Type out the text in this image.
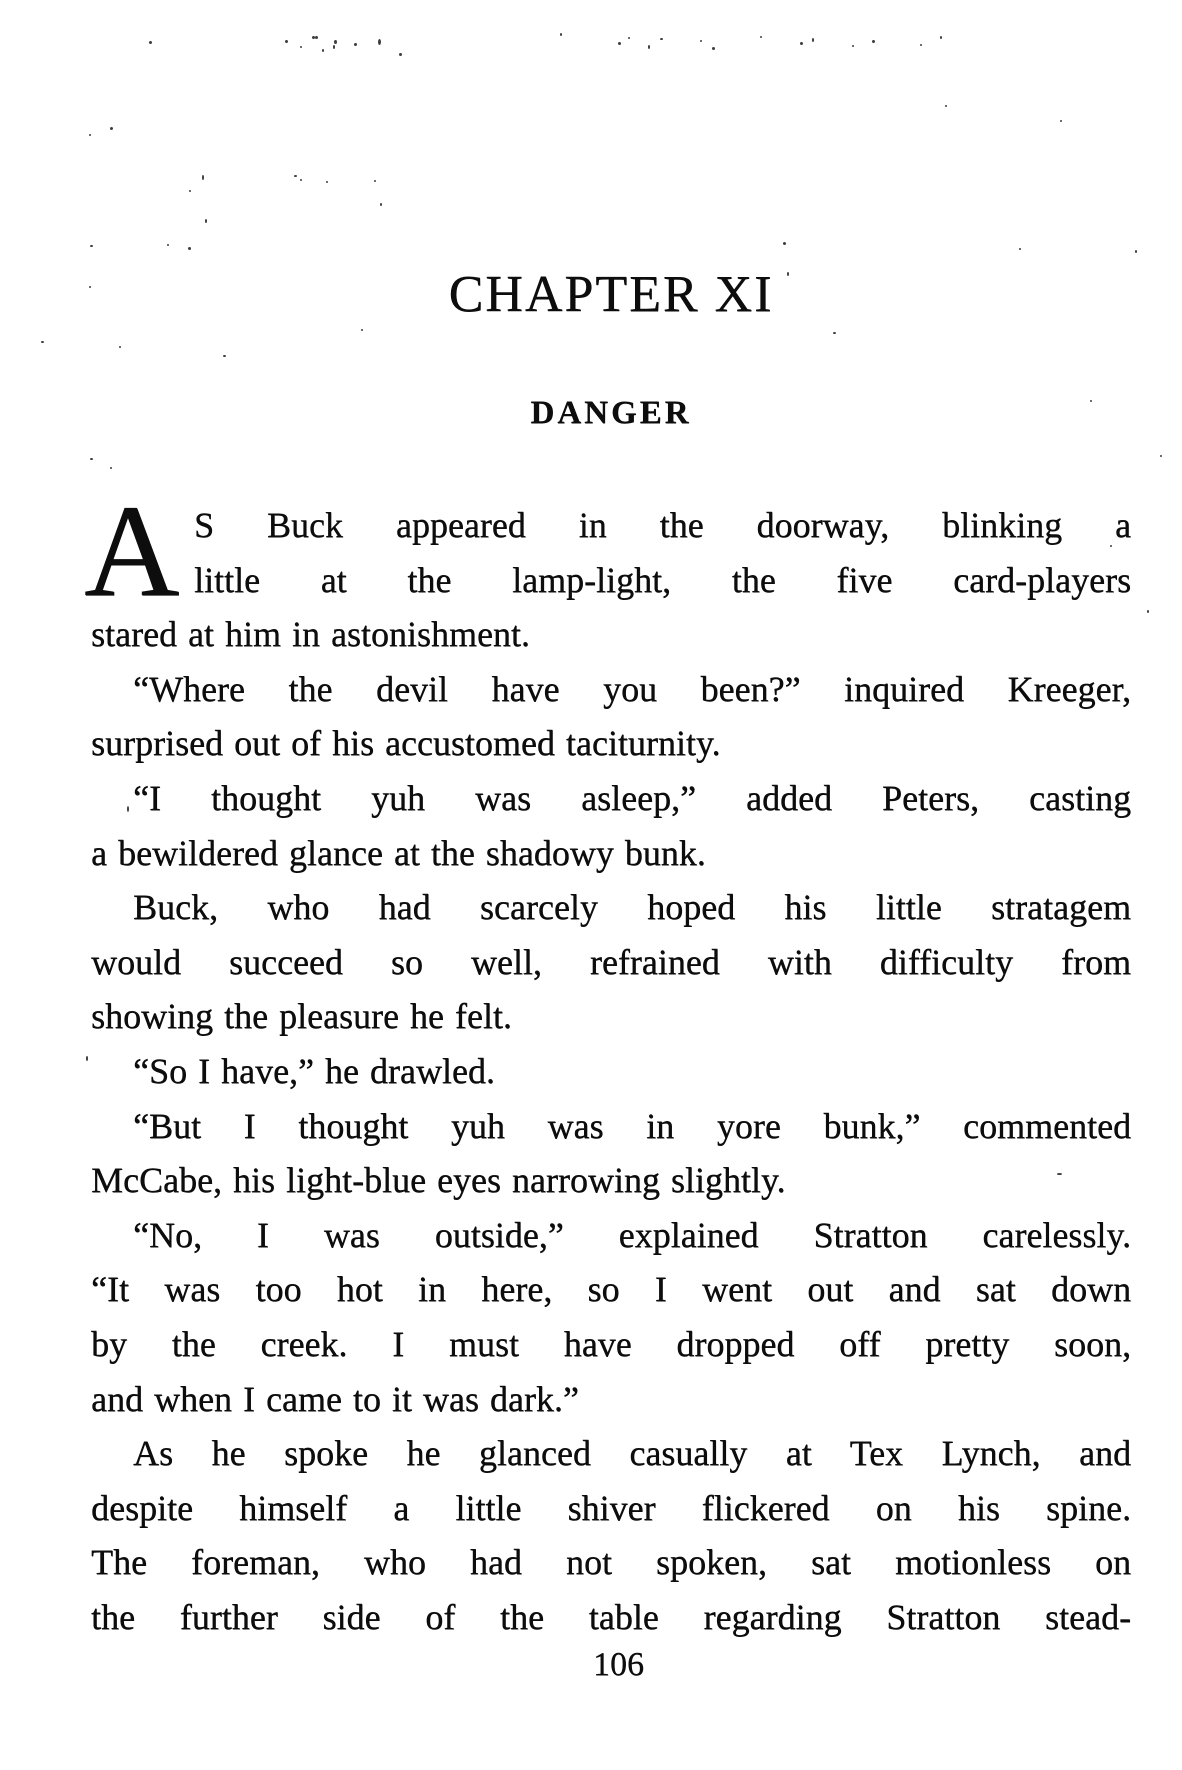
CHAPTER XI
DANGER
A S Buck appeared in the doorway, blinking a
little at the lamp-light, the five card-players
stared at him in astonishment.
“Where the devil have you been?” inquired Kreeger,
surprised out of his accustomed taciturnity.
“I thought yuh was asleep,” added Peters, casting
a bewildered glance at the shadowy bunk.
Buck, who had scarcely hoped his little stratagem
would succeed so well, refrained with difficulty from
showing the pleasure he felt.
“So I have,” he drawled.
“But I thought yuh was in yore bunk,” commented
McCabe, his light-blue eyes narrowing slightly.
“No, I was outside,” explained Stratton carelessly.
“It was too hot in here, so I went out and sat down
by the creek. I must have dropped off pretty soon,
and when I came to it was dark.”
As he spoke he glanced casually at Tex Lynch, and
despite himself a little shiver flickered on his spine.
The foreman, who had not spoken, sat motionless on
the further side of the table regarding Stratton stead-
106
